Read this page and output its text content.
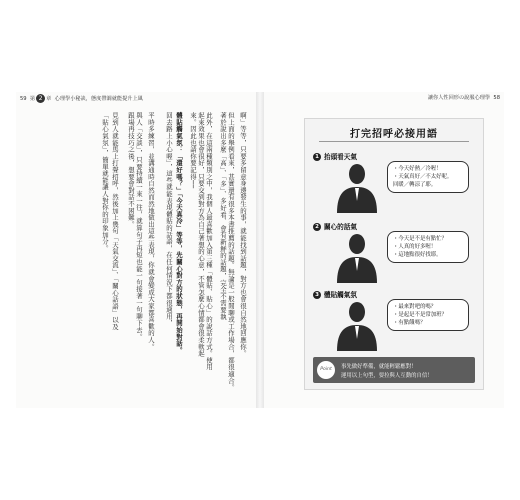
59 第 2 章 心理學小秘訣，態度帶調就能提升上風
啊」等等，只要多留意身邊發生的事，就能找到話題，對方也會很自然地回應你。
但上面的舉例看來，甚實還有很多本書推薦的話題。無論是一般閒聊或工作場合，都很適合。
著於說出多麼「高」、「多」、多好看、會有新鮮的話題，完全不需要執
此外，在這兩種類別之中，我個人最喜歡加入第三種「體貼、貼心」的說話方式。使用
起來效果也會很好，只要交到對方為自己著想的心意，不管怎麼心情都會很柔軟起
來。因此也請你要記得──
體貼觸氣氛：「還好嗎？」「今天真冷」等等，先關心對方的狀態，再開始對話。
回去路上小心喔」，這些就能表現體貼的話語，在任何情況下都很適用，
平時多練習，並溝通時自然而然地做出這些表現，你就會變成大家都喜歡的人。
與人「交談」，只要持續一來一往，就算句子再短也能一句接著一句聊下去。
跟場再技巧之後，想要會對話不困難。
見到人就能馬上打聲招呼，然後加上幾句「天氣交流」、「關心話語」以及
「貼心氣氛」，簡單就能讓人對你的印象加分。
讓你人性回形の說服心理學 58
打完招呼必接用語
1 抬頭看天氣
・今天好熱／冷喔！
・天氣真好／不太好呢。
回暖／轉涼了耶。
2 關心的話氣
・今天是不是有點忙？
・人真的好多喔！
・這地點很好找耶。
3 體貼觸氣氛
・最來對吧的嗎？
・是起是不是常加班？
・有點餓嗎？
Point	事先做好準備，就能輕鬆應對！
運用以上句型，要拉與人互動的自信！
